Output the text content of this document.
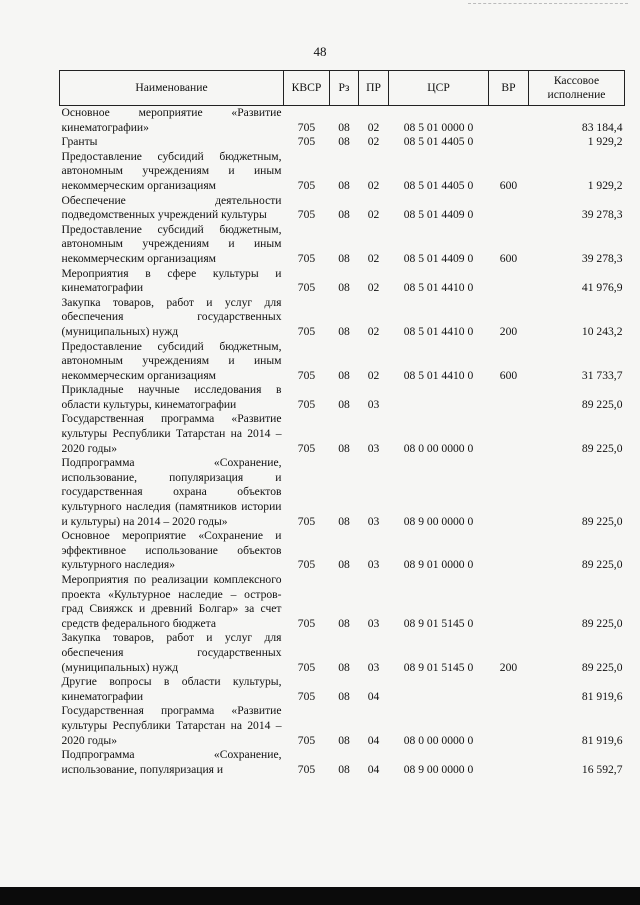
48
Наименование	КВСР	Рз	ПР	ЦСР	ВР	Кассовое исполнение
Основное мероприятие «Развитие кинематографии»	705	08	02	08 5 01 0000 0		83 184,4
Гранты	705	08	02	08 5 01 4405 0		1 929,2
Предоставление субсидий бюджетным, автономным учреждениям и иным некоммерческим организациям	705	08	02	08 5 01 4405 0	600	1 929,2
Обеспечение деятельности подведомственных учреждений культуры	705	08	02	08 5 01 4409 0		39 278,3
Предоставление субсидий бюджетным, автономным учреждениям и иным некоммерческим организациям	705	08	02	08 5 01 4409 0	600	39 278,3
Мероприятия в сфере культуры и кинематографии	705	08	02	08 5 01 4410 0		41 976,9
Закупка товаров, работ и услуг для обеспечения государственных (муниципальных) нужд	705	08	02	08 5 01 4410 0	200	10 243,2
Предоставление субсидий бюджетным, автономным учреждениям и иным некоммерческим организациям	705	08	02	08 5 01 4410 0	600	31 733,7
Прикладные научные исследования в области культуры, кинематографии	705	08	03			89 225,0
Государственная программа «Развитие культуры Республики Татарстан на 2014 – 2020 годы»	705	08	03	08 0 00 0000 0		89 225,0
Подпрограмма «Сохранение, использование, популяризация и государственная охрана объектов культурного наследия (памятников истории и культуры) на 2014 – 2020 годы»	705	08	03	08 9 00 0000 0		89 225,0
Основное мероприятие «Сохранение и эффективное использование объектов культурного наследия»	705	08	03	08 9 01 0000 0		89 225,0
Мероприятия по реализации комплексного проекта «Культурное наследие – остров-град Свияжск и древний Болгар» за счет средств федерального бюджета	705	08	03	08 9 01 5145 0		89 225,0
Закупка товаров, работ и услуг для обеспечения государственных (муниципальных) нужд	705	08	03	08 9 01 5145 0	200	89 225,0
Другие вопросы в области культуры, кинематографии	705	08	04			81 919,6
Государственная программа «Развитие культуры Республики Татарстан на 2014 – 2020 годы»	705	08	04	08 0 00 0000 0		81 919,6
Подпрограмма «Сохранение, использование, популяризация и	705	08	04	08 9 00 0000 0		16 592,7
